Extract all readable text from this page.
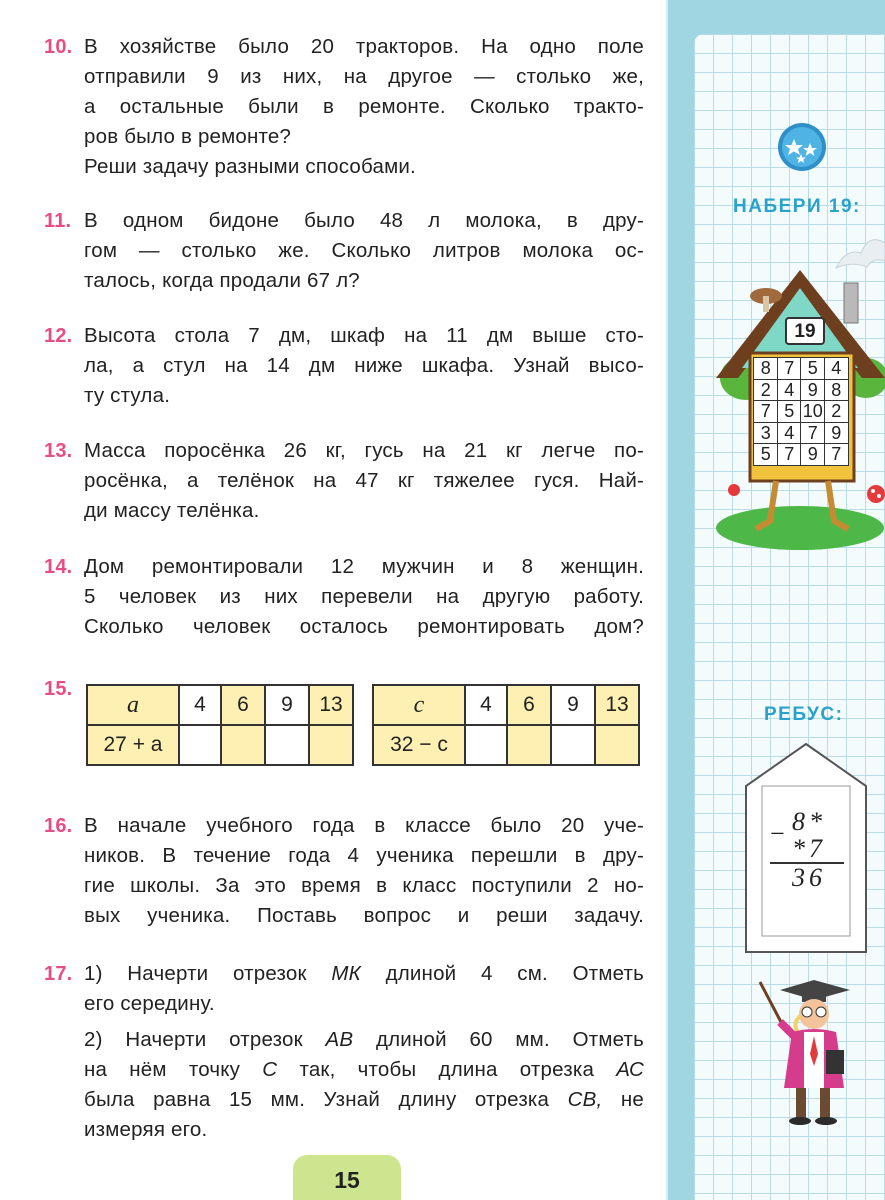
10. В хозяйстве было 20 тракторов. На одно поле
отправили 9 из них, на другое — столько же,
а остальные были в ремонте. Сколько тракто-
ров было в ремонте?
Реши задачу разными способами.
11. В одном бидоне было 48 л молока, в дру-
гом — столько же. Сколько литров молока ос-
талось, когда продали 67 л?
12. Высота стола 7 дм, шкаф на 11 дм выше сто-
ла, а стул на 14 дм ниже шкафа. Узнай высо-
ту стула.
13. Масса поросёнка 26 кг, гусь на 21 кг легче по-
росёнка, а телёнок на 47 кг тяжелее гуся. Най-
ди массу телёнка.
14. Дом ремонтировали 12 мужчин и 8 женщин.
5 человек из них перевели на другую работу.
Сколько человек осталось ремонтировать дом?
15.
a	4	6	9	13
27 + a				
c	4	6	9	13
32 − c				
16. В начале учебного года в классе было 20 уче-
ников. В течение года 4 ученика перешли в дру-
гие школы. За это время в класс поступили 2 но-
вых ученика. Поставь вопрос и реши задачу.
17. 1) Начерти отрезок МК длиной 4 см. Отметь
его середину.
2) Начерти отрезок АВ длиной 60 мм. Отметь
на нём точку С так, чтобы длина отрезка АС
была равна 15 мм. Узнай длину отрезка СВ, не
измеряя его.
15
НАБЕРИ 19:
19
8 7 5 4
2 4 9 8
7 5 10 2
3 4 7 9
5 7 9 7
РЕБУС:
− 8*
*7
36
